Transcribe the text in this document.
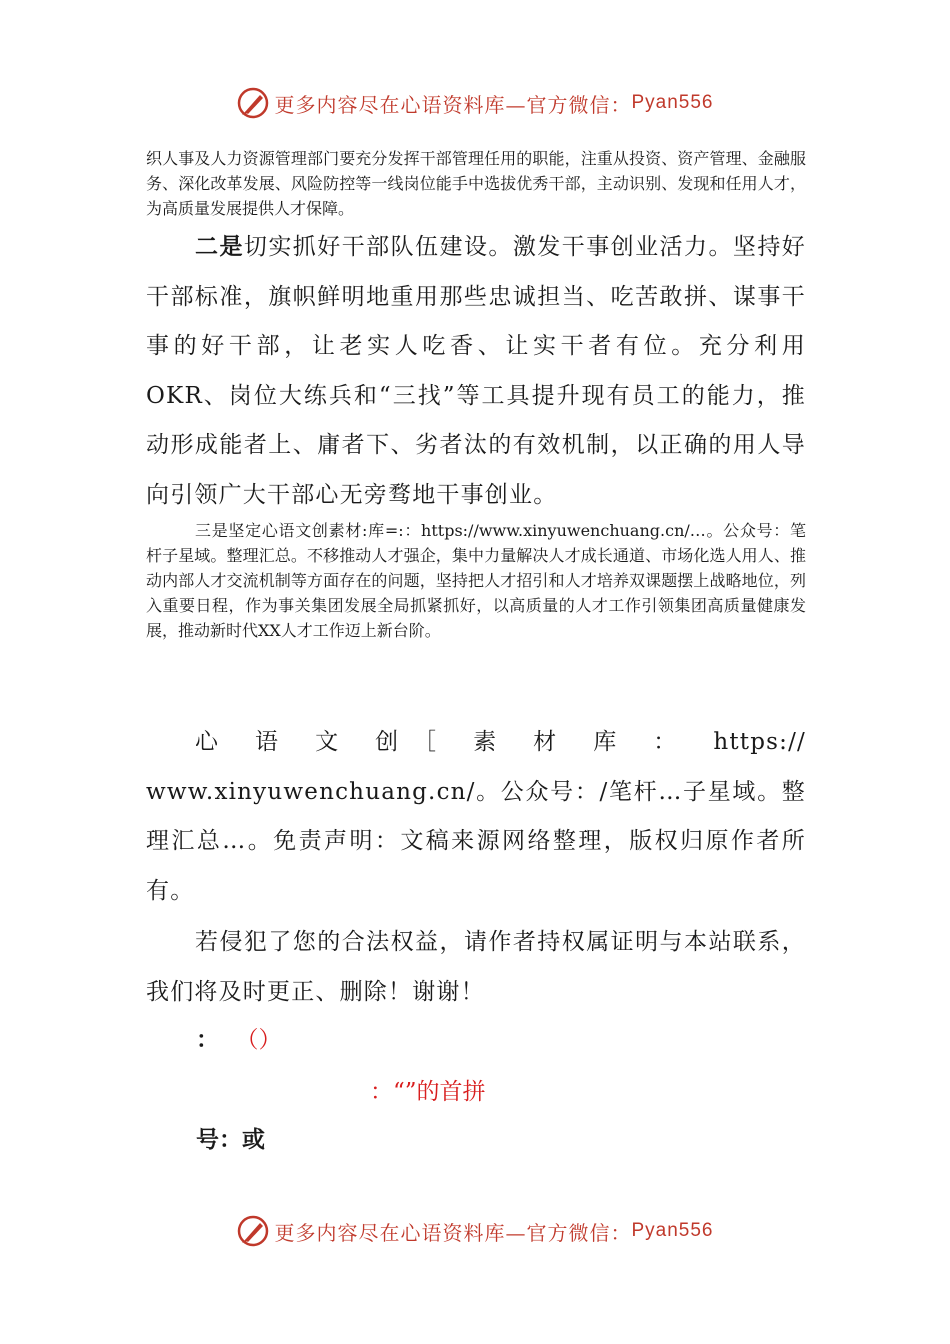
更多内容尽在心语资料库—官方微信： Pyan556

织人事及人力资源管理部门要充分发挥干部管理任用的职能，注重从投资、资产管理、金融服务、深化改革发展、风险防控等一线岗位能手中选拔优秀干部，主动识别、发现和任用人才，为高质量发展提供人才保障。

二是切实抓好干部队伍建设。激发干事创业活力。坚持好干部标准，旗帜鲜明地重用那些忠诚担当、吃苦敢拼、谋事干事的好干部，让老实人吃香、让实干者有位。充分利用OKR、岗位大练兵和“三找”等工具提升现有员工的能力，推动形成能者上、庸者下、劣者汰的有效机制，以正确的用人导向引领广大干部心无旁骛地干事创业。

三是坚定心语文创素材:库=:：https://www.xinyuwenchuang.cn/…。公众号：笔杆子星域。整理汇总。不移推动人才强企，集中力量解决人才成长通道、市场化选人用人、推动内部人才交流机制等方面存在的问题，坚持把人才招引和人才培养双课题摆上战略地位，列入重要日程，作为事关集团发展全局抓紧抓好，以高质量的人才工作引领集团高质量健康发展，推动新时代XX人才工作迈上新台阶。

心 语 文 创［ 素 材 库 ： https://
www.xinyuwenchuang.cn/。公众号：/笔杆…子星域。整理汇总…。免责声明：文稿来源网络整理，版权归原作者所有。

若侵犯了您的合法权益，请作者持权属证明与本站联系，我们将及时更正、删除！谢谢！

： （）

：“”的首拼

号：或

更多内容尽在心语资料库—官方微信： Pyan556
